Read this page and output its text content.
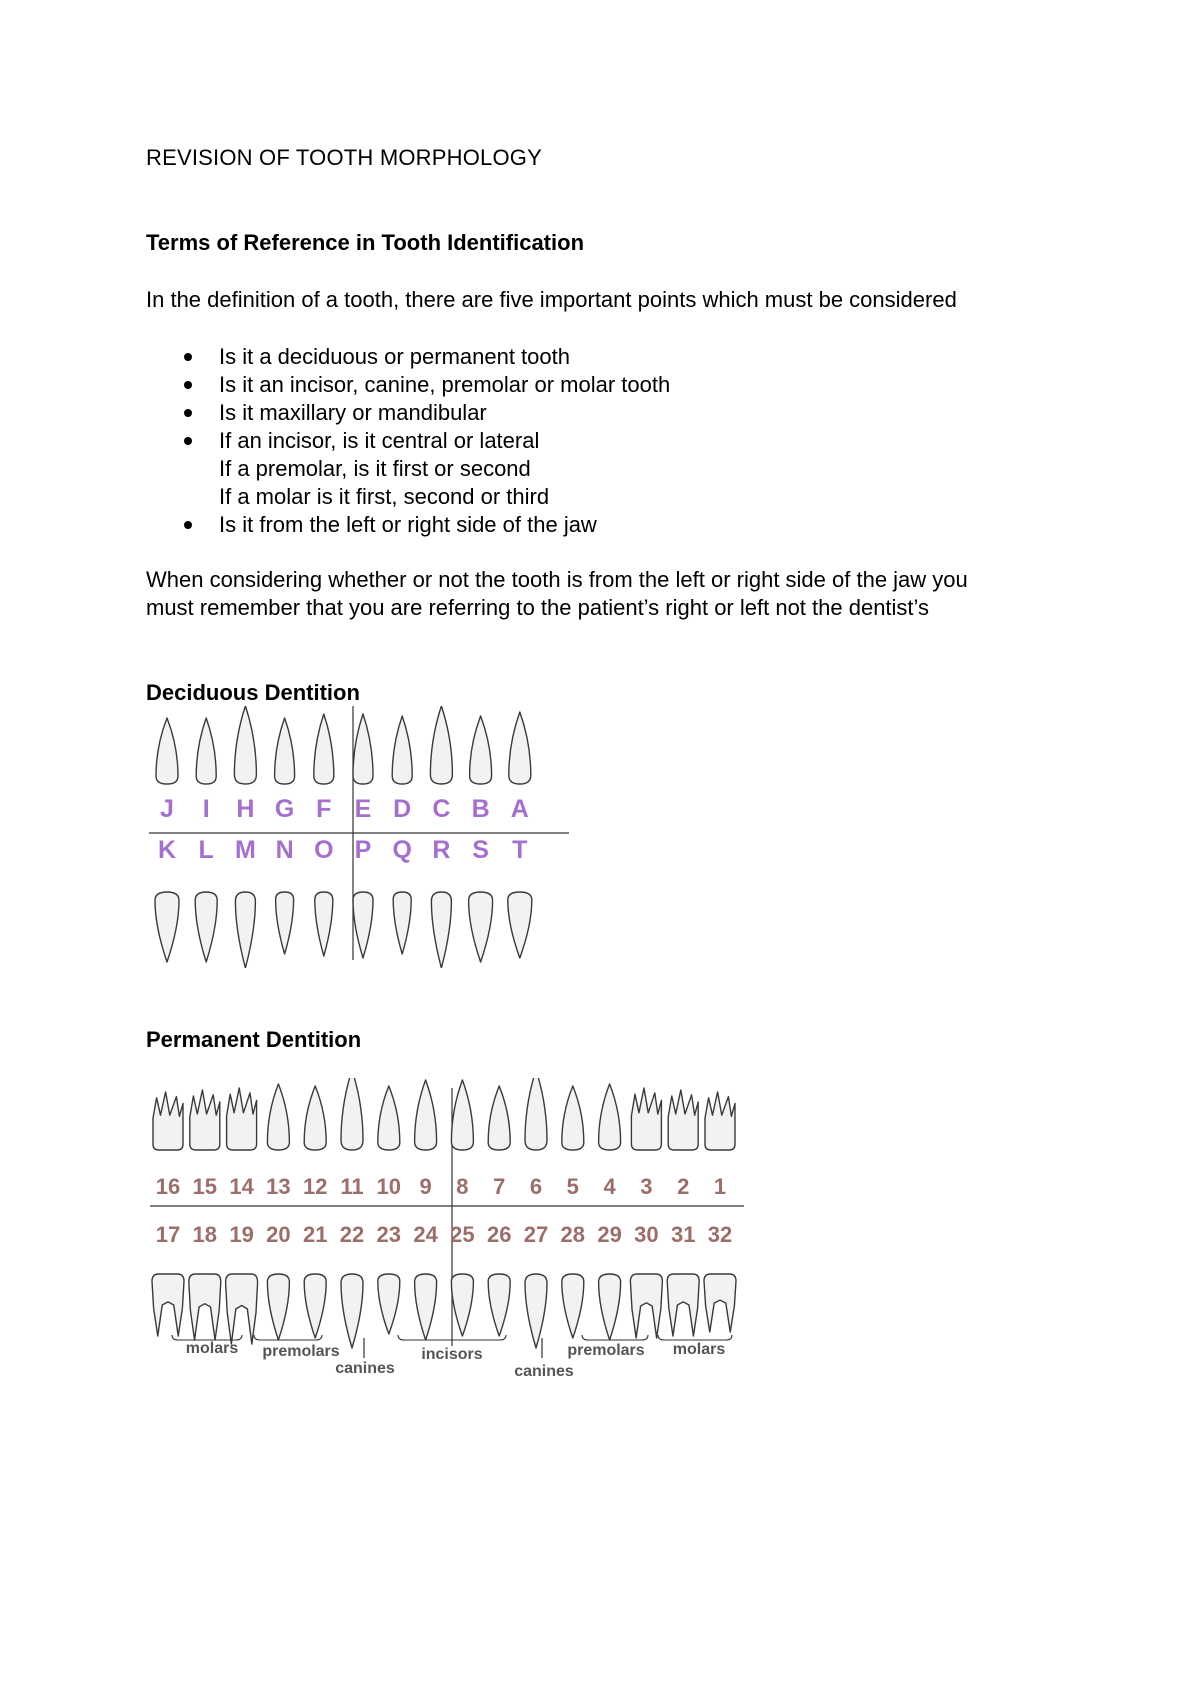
REVISION OF TOOTH MORPHOLOGY
Terms of Reference in Tooth Identification
In the definition of a tooth, there are five important points which must be considered
Is it a deciduous or permanent tooth
Is it an incisor, canine, premolar or molar tooth
Is it maxillary or mandibular
If an incisor, is it central or lateral
If a premolar, is it first or second
If a molar is it first, second or third
Is it from the left or right side of the jaw
When considering whether or not the tooth is from the left or right side of the jaw you
must remember that you are referring to the patient’s right or left not the dentist’s
Deciduous Dentition
J
K
I
L
H
M
G
N
F
O
E
P
D
Q
C
R
B
S
A
T
Permanent Dentition
16
17
15
18
14
19
13
20
12
21
11
22
10
23
9
24
8
25
7
26
6
27
5
28
4
29
3
30
2
31
1
32
molars premolars
canines
incisors
canines
premolars molars
